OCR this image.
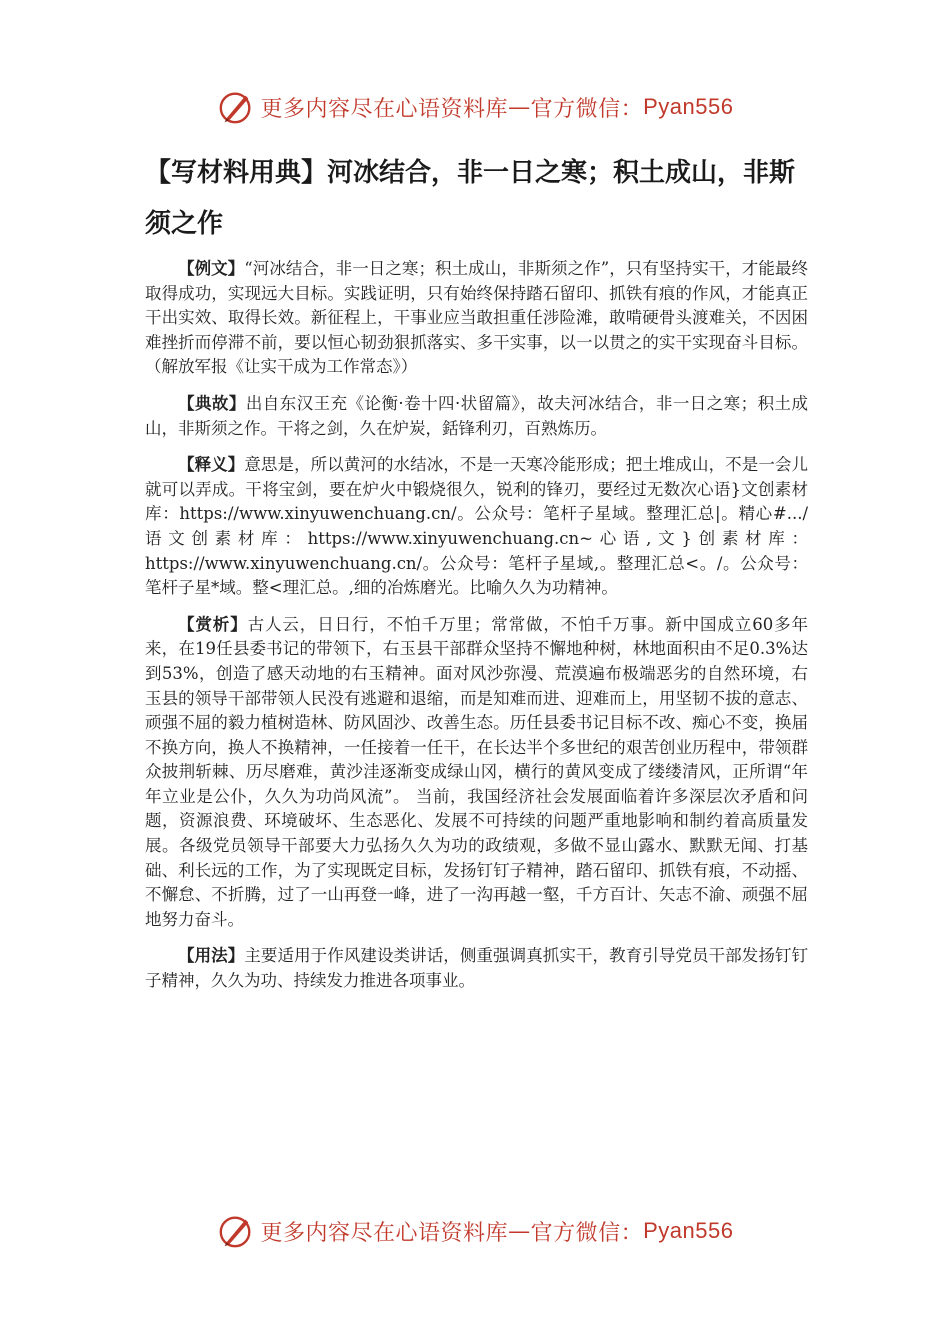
更多内容尽在心语资料库 — 官方微信： Pyan556
【写材料用典】河冰结合，非一日之寒；积土成山，非斯须之作

【例文】“河冰结合，非一日之寒；积土成山，非斯须之作”，只有坚持实干，才能最终取得成功，实现远大目标。实践证明，只有始终保持踏石留印、抓铁有痕的作风，才能真正干出实效、取得长效。新征程上，干事业应当敢担重任涉险滩，敢啃硬骨头渡难关，不因困难挫折而停滞不前，要以恒心韧劲狠抓落实、多干实事，以一以贯之的实干实现奋斗目标。（解放军报《让实干成为工作常态》）

【典故】出自东汉王充《论衡·卷十四·状留篇》，故夫河冰结合，非一日之寒；积土成山，非斯须之作。干将之剑，久在炉炭，銛锋利刃，百熟炼历。

【释义】意思是，所以黄河的水结冰，不是一天寒冷能形成；把土堆成山，不是一会儿就可以弄成。干将宝剑，要在炉火中锻烧很久，锐利的锋刃，要经过无数次心语}文创素材库：https://www.xinyuwenchuang.cn/。公众号：笔杆子星域。整理汇总|。精心#.../语文创素材库：https://www.xinyuwenchuang.cn~心语,文}创素材库：https://www.xinyuwenchuang.cn/。公众号：笔杆子星域,。整理汇总<。/。公众号：笔杆子星*域。整<理汇总。,细的冶炼磨光。比喻久久为功精神。

【赏析】古人云，日日行，不怕千万里；常常做，不怕千万事。新中国成立60多年来，在19任县委书记的带领下，右玉县干部群众坚持不懈地种树，林地面积由不足0.3%达到53%，创造了感天动地的右玉精神。面对风沙弥漫、荒漠遍布极端恶劣的自然环境，右玉县的领导干部带领人民没有逃避和退缩，而是知难而进、迎难而上，用坚韧不拔的意志、顽强不屈的毅力植树造林、防风固沙、改善生态。历任县委书记目标不改、痴心不变，换届不换方向，换人不换精神，一任接着一任干，在长达半个多世纪的艰苦创业历程中，带领群众披荆斩棘、历尽磨难，黄沙洼逐渐变成绿山冈，横行的黄风变成了缕缕清风，正所谓“年年立业是公仆，久久为功尚风流”。 当前，我国经济社会发展面临着许多深层次矛盾和问题，资源浪费、环境破坏、生态恶化、发展不可持续的问题严重地影响和制约着高质量发展。各级党员领导干部要大力弘扬久久为功的政绩观，多做不显山露水、默默无闻、打基础、利长远的工作，为了实现既定目标，发扬钉钉子精神，踏石留印、抓铁有痕，不动摇、不懈怠、不折腾，过了一山再登一峰，进了一沟再越一壑，千方百计、矢志不渝、顽强不屈地努力奋斗。

【用法】主要适用于作风建设类讲话，侧重强调真抓实干，教育引导党员干部发扬钉钉子精神，久久为功、持续发力推进各项事业。

更多内容尽在心语资料库 — 官方微信： Pyan556
